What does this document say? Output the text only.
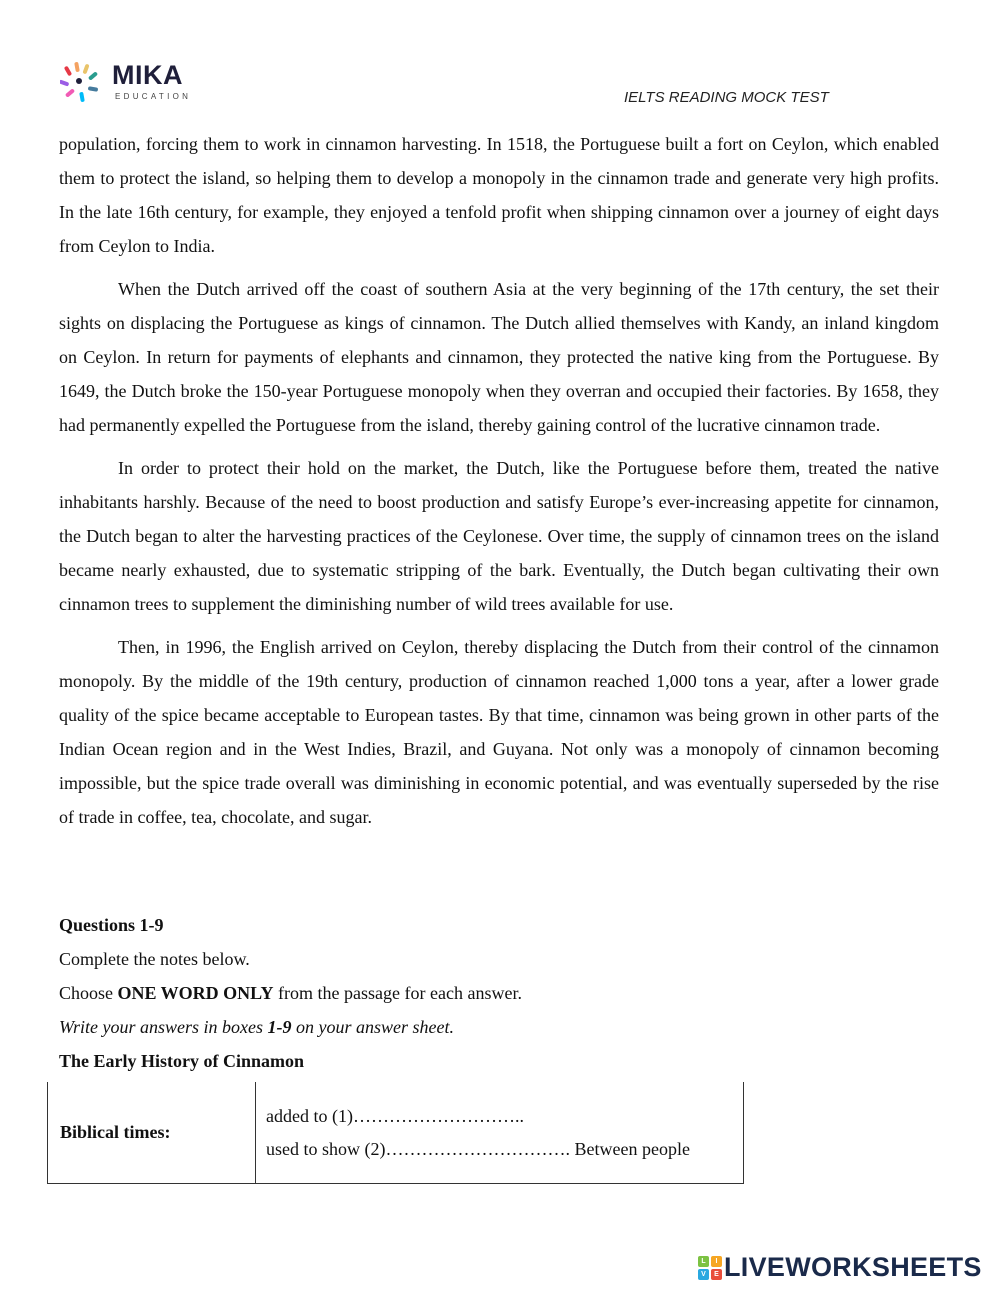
MIKA
EDUCATION	IELTS READING MOCK TEST

population, forcing them to work in cinnamon harvesting. In 1518, the Portuguese built a fort on Ceylon, which enabled them to protect the island, so helping them to develop a monopoly in the cinnamon trade and generate very high profits. In the late 16th century, for example, they enjoyed a tenfold profit when shipping cinnamon over a journey of eight days from Ceylon to India.

When the Dutch arrived off the coast of southern Asia at the very beginning of the 17th century, the set their sights on displacing the Portuguese as kings of cinnamon. The Dutch allied themselves with Kandy, an inland kingdom on Ceylon. In return for payments of elephants and cinnamon, they protected the native king from the Portuguese. By 1649, the Dutch broke the 150-year Portuguese monopoly when they overran and occupied their factories. By 1658, they had permanently expelled the Portuguese from the island, thereby gaining control of the lucrative cinnamon trade.

In order to protect their hold on the market, the Dutch, like the Portuguese before them, treated the native inhabitants harshly. Because of the need to boost production and satisfy Europe’s ever-increasing appetite for cinnamon, the Dutch began to alter the harvesting practices of the Ceylonese. Over time, the supply of cinnamon trees on the island became nearly exhausted, due to systematic stripping of the bark. Eventually, the Dutch began cultivating their own cinnamon trees to supplement the diminishing number of wild trees available for use.

Then, in 1996, the English arrived on Ceylon, thereby displacing the Dutch from their control of the cinnamon monopoly. By the middle of the 19th century, production of cinnamon reached 1,000 tons a year, after a lower grade quality of the spice became acceptable to European tastes. By that time, cinnamon was being grown in other parts of the Indian Ocean region and in the West Indies, Brazil, and Guyana. Not only was a monopoly of cinnamon becoming impossible, but the spice trade overall was diminishing in economic potential, and was eventually superseded by the rise of trade in coffee, tea, chocolate, and sugar.

Questions 1-9
Complete the notes below.
Choose ONE WORD ONLY from the passage for each answer.
Write your answers in boxes 1-9 on your answer sheet.
The Early History of Cinnamon
Biblical times:	
added to (1)………………………..
used to show (2)…………………………. Between people
L	I
V	E LIVEWORKSHEETS
